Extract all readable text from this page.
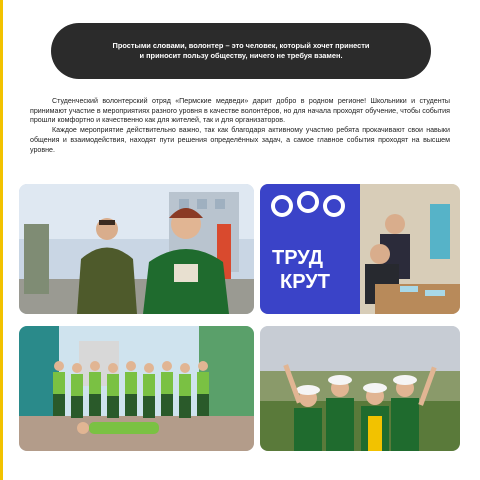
Простыми словами, волонтер – это человек, который хочет принести
и приносит пользу обществу, ничего не требуя взамен.

Студенческий волонтерский отряд «Пермские медведи» дарит добро в родном регионе! Школьники и студенты принимают участие в мероприятиях разного уровня в качестве волонтёров, но для начала проходят обучение, чтобы события прошли комфортно и качественно как для жителей, так и для организаторов.

Каждое мероприятие действительно важно, так как благодаря активному участию ребята прокачивают свои навыки общения и взаимодействия, находят пути решения определённых задач, а самое главное события проходят на высшем уровне.

ТРУД
КРУТ
